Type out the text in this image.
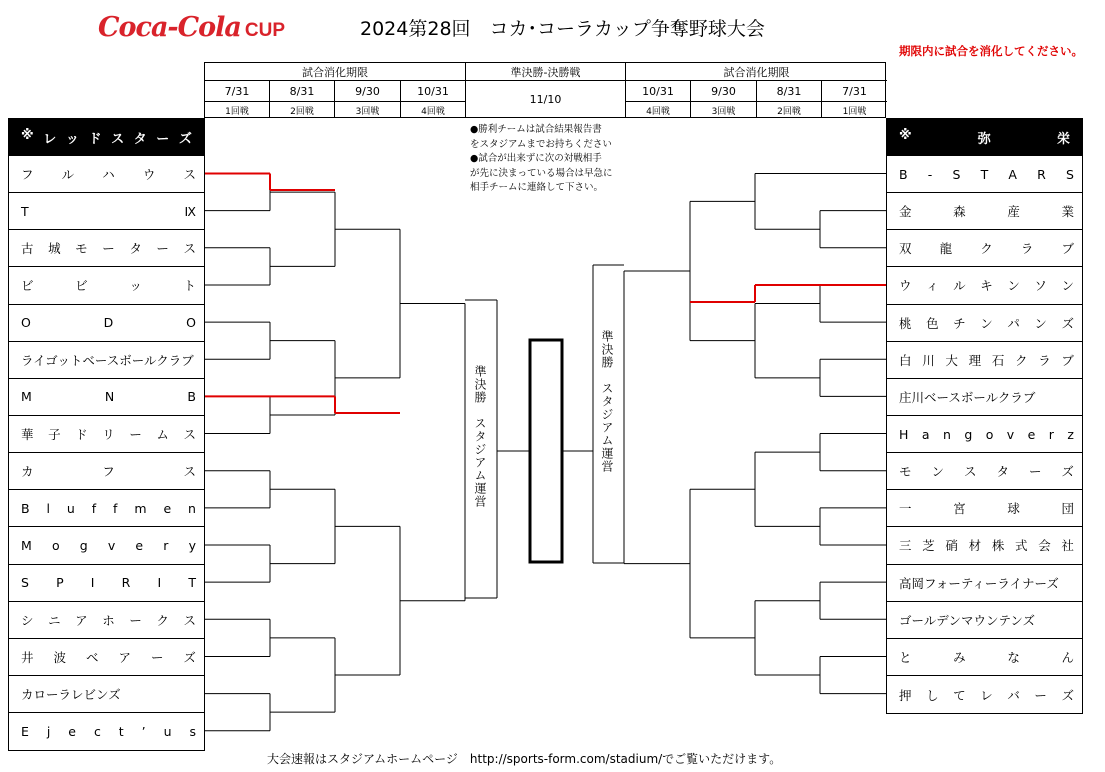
Coca-Cola CUP	2024第28回　コカ･コーラカップ争奪野球大会
期限内に試合を消化してください。
試合消化期限	準決勝-決勝戦	試合消化期限
7/31	8/31	9/30	10/31
11/10
10/31	9/30	8/31	7/31
1回戦	2回戦	3回戦	4回戦	4回戦	3回戦	2回戦	1回戦
※ レ ッ ド ス タ ー ズ
フ ル ハ ウ ス
T	Ⅸ
古 城 モ ー タ ー ス
ビ	ビ	ッ	ト
O	D	O
ライゴットベースボールクラブ
M	N	B
華 子 ド リ ー ム ス
カ	フ	ス
B l u f f m e n
M o g v e r y
S P I R I T
シ ニ ア ホ ー ク ス
井 波 ベ ア ー ズ
カローラレビンズ
E j e c t ’ u s
※	弥	栄
B - S T A R S
金	森	産	業
双 龍 ク ラ ブ
ウ ィ ル キ ン ソ ン
桃 色 チ ン パ ン ズ
白 川 大 理 石 ク ラ ブ
庄川ベースボールクラブ
H a n g o v e r z
モ ン ス タ ー ズ
一	宮	球	団
三 芝 硝 材 株 式 会 社
高岡フォーティーライナーズ
ゴールデンマウンテンズ
と	み	な	ん
押 し て レ バ ー ズ
●勝利チームは試合結果報告書
をスタジアムまでお持ちください
●試合が出来ずに次の対戦相手
が先に決まっている場合は早急に
相手チームに連絡して下さい。
準決勝　スタジアム運営	準決勝　スタジアム運営
大会速報はスタジアムホームページ　http://sports-form.com/stadium/でご覧いただけます。
